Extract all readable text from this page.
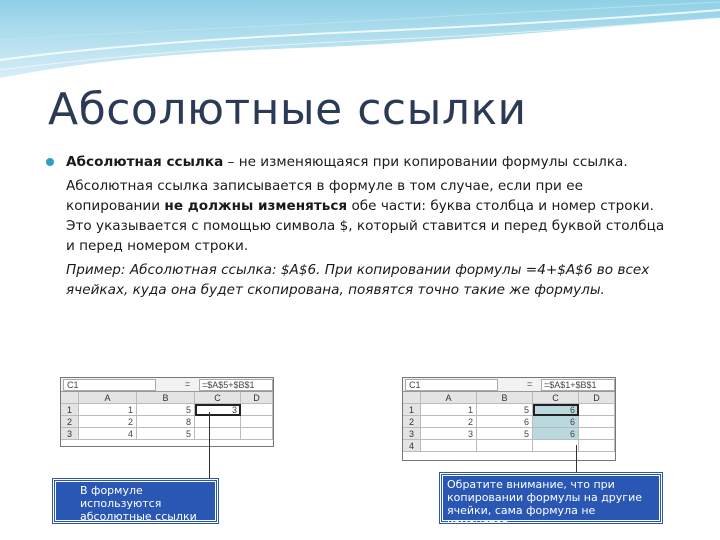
Абсолютные ссылки

Абсолютная ссылка – не изменяющаяся при копировании формулы ссылка.

Абсолютная ссылка записывается в формуле в том случае, если при ее копировании не должны изменяться обе части: буква столбца и номер строки. Это указывается с помощью символа $, который ставится и перед буквой столбца и перед номером строки.

Пример: Абсолютная ссылка: $A$6. При копировании формулы =4+$A$6 во всех ячейках, куда она будет скопирована, появятся точно такие же формулы.

C1	=	=$A$5+$B$1
A	B	C	D
1	1	5	3
2	2	8
3	4	5
C1	=	=$A$1+$B$1
A	B	C	D
1	1	5	6
2	2	6	6
3	3	5	6
4
В формуле используются абсолютные ссылки
Обратите внимание, что при копировании формулы на другие ячейки, сама формула не изменятся.
